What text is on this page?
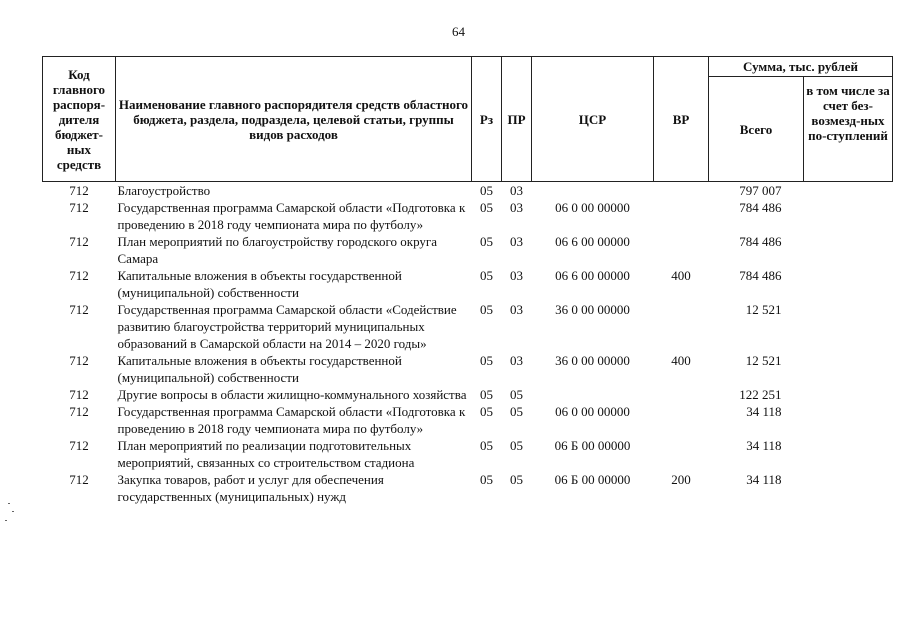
64
Код главного распоря-дителя бюджет-ных средств	Наименование главного распорядителя средств областного бюджета, раздела, подраздела, целевой статьи, группы видов расходов	Рз	ПР	ЦСР	ВР	Сумма, тыс. рублей	
						Всего	в том числе за счет без-возмезд-ных по-ступлений
712	Благоустройство	05	03			797 007	
712	Государственная программа Самарской области «Подготовка к проведению в 2018 году чемпионата мира по футболу»	05	03	06 0 00 00000		784 486	
712	План мероприятий по благоустройству городского округа Самара	05	03	06 6 00 00000		784 486	
712	Капитальные вложения в объекты государственной (муниципальной) собственности	05	03	06 6 00 00000	400	784 486	
712	Государственная программа Самарской области «Содействие развитию благоустройства территорий муниципальных образований в Самарской области на 2014 – 2020 годы»	05	03	36 0 00 00000		12 521	
712	Капитальные вложения в объекты государственной (муниципальной) собственности	05	03	36 0 00 00000	400	12 521	
712	Другие вопросы в области жилищно-коммунального хозяйства	05	05			122 251	
712	Государственная программа Самарской области «Подготовка к проведению в 2018 году чемпионата мира по футболу»	05	05	06 0 00 00000		34 118	
712	План мероприятий по реализации подготовительных мероприятий, связанных со строительством стадиона	05	05	06 Б 00 00000		34 118	
712	Закупка товаров, работ и услуг для обеспечения государственных (муниципальных) нужд	05	05	06 Б 00 00000	200	34 118	
